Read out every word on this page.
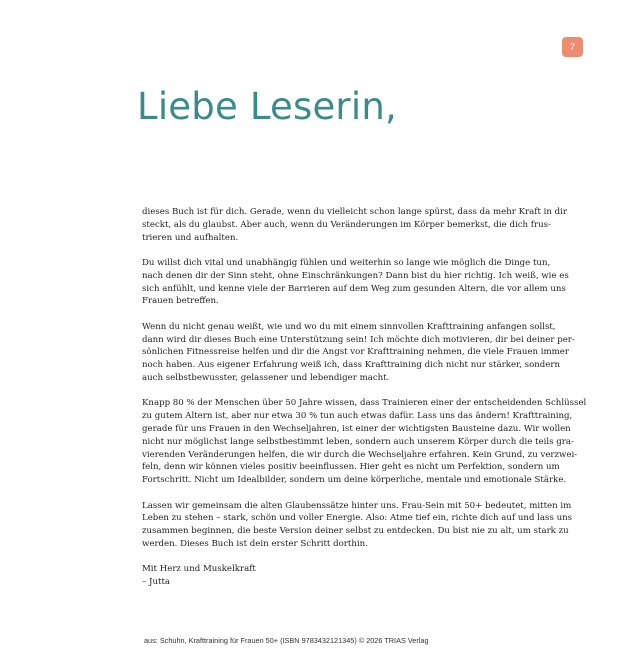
7
Liebe Leserin,

dieses Buch ist für dich. Gerade, wenn du vielleicht schon lange spürst, dass da mehr Kraft in dir
steckt, als du glaubst. Aber auch, wenn du Veränderungen im Körper bemerkst, die dich frus-
trieren und aufhalten.

Du willst dich vital und unabhängig fühlen und weiterhin so lange wie möglich die Dinge tun,
nach denen dir der Sinn steht, ohne Einschränkungen? Dann bist du hier richtig. Ich weiß, wie es
sich anfühlt, und kenne viele der Barrieren auf dem Weg zum gesunden Altern, die vor allem uns
Frauen betreffen.

Wenn du nicht genau weißt, wie und wo du mit einem sinnvollen Krafttraining anfangen sollst,
dann wird dir dieses Buch eine Unterstützung sein! Ich möchte dich motivieren, dir bei deiner per-
sönlichen Fitnessreise helfen und dir die Angst vor Krafttraining nehmen, die viele Frauen immer
noch haben. Aus eigener Erfahrung weiß ich, dass Krafttraining dich nicht nur stärker, sondern
auch selbstbewusster, gelassener und lebendiger macht.

Knapp 80 % der Menschen über 50 Jahre wissen, dass Trainieren einer der entscheidenden Schlüssel
zu gutem Altern ist, aber nur etwa 30 % tun auch etwas dafür. Lass uns das ändern! Krafttraining,
gerade für uns Frauen in den Wechseljahren, ist einer der wichtigsten Bausteine dazu. Wir wollen
nicht nur möglichst lange selbstbestimmt leben, sondern auch unserem Körper durch die teils gra-
vierenden Veränderungen helfen, die wir durch die Wechseljahre erfahren. Kein Grund, zu verzwei-
feln, denn wir können vieles positiv beeinflussen. Hier geht es nicht um Perfektion, sondern um
Fortschritt. Nicht um Idealbilder, sondern um deine körperliche, mentale und emotionale Stärke.

Lassen wir gemeinsam die alten Glaubenssätze hinter uns. Frau-Sein mit 50+ bedeutet, mitten im
Leben zu stehen – stark, schön und voller Energie. Also: Atme tief ein, richte dich auf und lass uns
zusammen beginnen, die beste Version deiner selbst zu entdecken. Du bist nie zu alt, um stark zu
werden. Dieses Buch ist dein erster Schritt dorthin.

Mit Herz und Muskelkraft
– Jutta
aus: Schuhn, Krafttraining für Frauen 50+ (ISBN 9783432121345) © 2026 TRIAS Verlag
